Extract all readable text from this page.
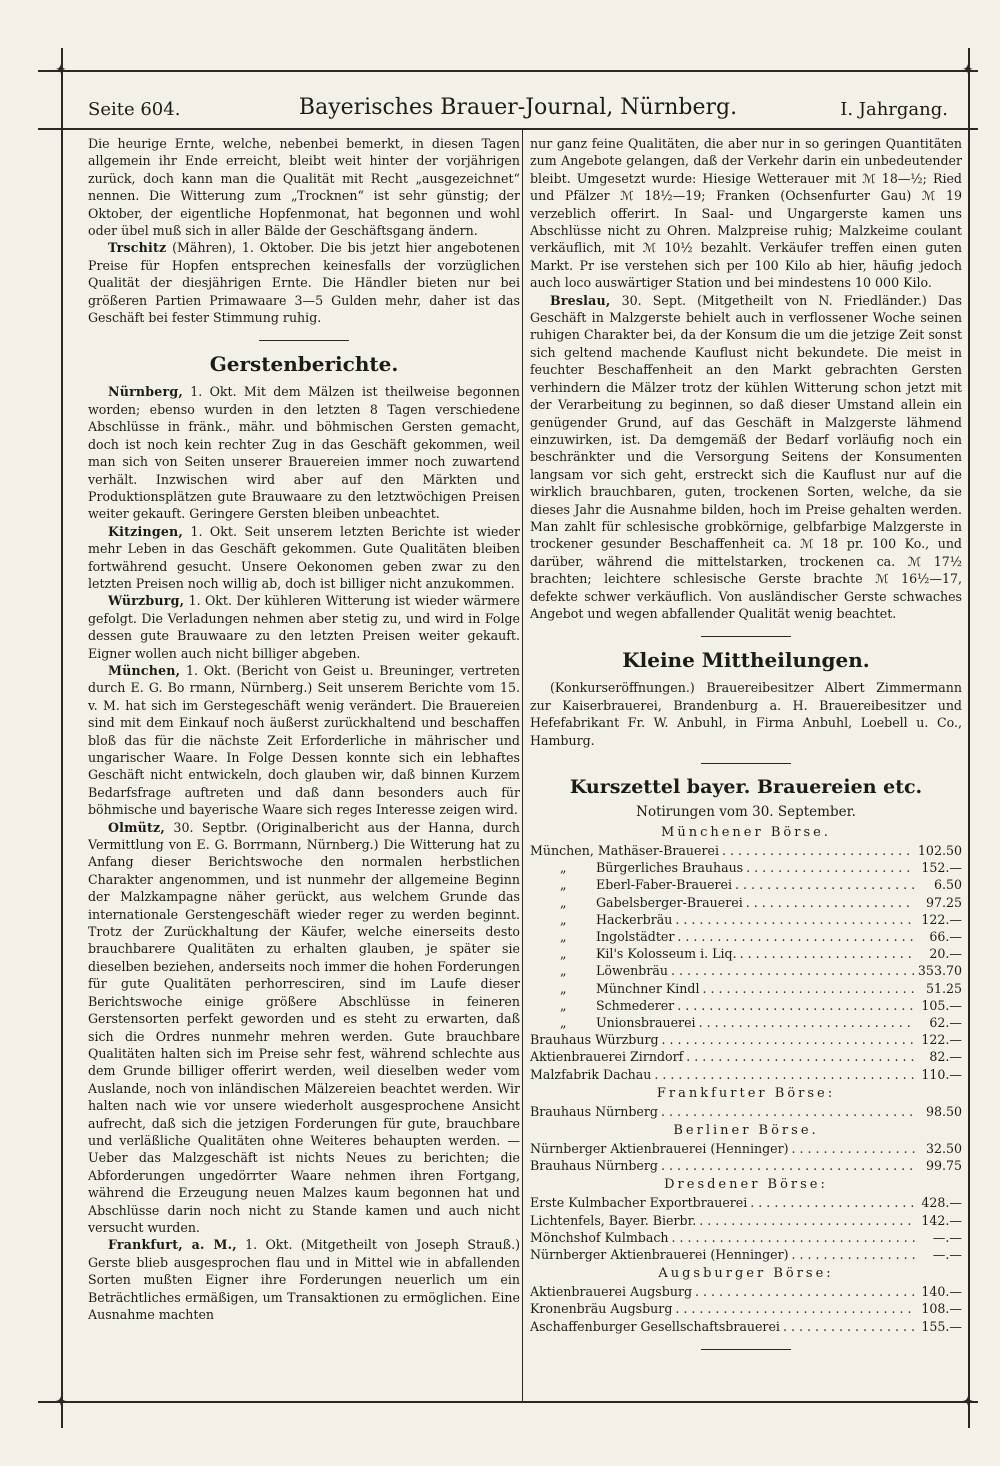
✦	✦
✦	✦
Seite 604.	Bayerisches Brauer-Journal, Nürnberg.	I. Jahrgang.

Die heurige Ernte, welche, nebenbei bemerkt, in diesen Tagen allgemein ihr Ende erreicht, bleibt weit hinter der vorjährigen zurück, doch kann man die Qualität mit Recht „ausgezeichnet“ nennen. Die Witterung zum „Trocknen“ ist sehr günstig; der Oktober, der eigentliche Hopfenmonat, hat begonnen und wohl oder übel muß sich in aller Bälde der Geschäftsgang ändern.

Trschitz (Mähren), 1. Oktober. Die bis jetzt hier angebotenen Preise für Hopfen entsprechen keinesfalls der vorzüglichen Qualität der diesjährigen Ernte. Die Händler bieten nur bei größeren Partien Primawaare 3—5 Gulden mehr, daher ist das Geschäft bei fester Stimmung ruhig.

Gerstenberichte.

Nürnberg, 1. Okt. Mit dem Mälzen ist theilweise begonnen worden; ebenso wurden in den letzten 8 Tagen verschiedene Abschlüsse in fränk., mähr. und böhmischen Gersten gemacht, doch ist noch kein rechter Zug in das Geschäft gekommen, weil man sich von Seiten unserer Brauereien immer noch zuwartend verhält. Inzwischen wird aber auf den Märkten und Produktionsplätzen gute Brauwaare zu den letztwöchigen Preisen weiter gekauft. Geringere Gersten bleiben unbeachtet.

Kitzingen, 1. Okt. Seit unserem letzten Berichte ist wieder mehr Leben in das Geschäft gekommen. Gute Qualitäten bleiben fortwährend gesucht. Unsere Oekonomen geben zwar zu den letzten Preisen noch willig ab, doch ist billiger nicht anzukommen.

Würzburg, 1. Okt. Der kühleren Witterung ist wieder wärmere gefolgt. Die Verladungen nehmen aber stetig zu, und wird in Folge dessen gute Brauwaare zu den letzten Preisen weiter gekauft. Eigner wollen auch nicht billiger abgeben.

München, 1. Okt. (Bericht von Geist u. Breuninger, vertreten durch E. G. Bo rmann, Nürnberg.) Seit unserem Berichte vom 15. v. M. hat sich im Gerstegeschäft wenig verändert. Die Brauereien sind mit dem Einkauf noch äußerst zurückhaltend und beschaffen bloß das für die nächste Zeit Erforderliche in mährischer und ungarischer Waare. In Folge Dessen konnte sich ein lebhaftes Geschäft nicht entwickeln, doch glauben wir, daß binnen Kurzem Bedarfsfrage auftreten und daß dann besonders auch für böhmische und bayerische Waare sich reges Interesse zeigen wird.

Olmütz, 30. Septbr. (Originalbericht aus der Hanna, durch Vermittlung von E. G. Borrmann, Nürnberg.) Die Witterung hat zu Anfang dieser Berichtswoche den normalen herbstlichen Charakter angenommen, und ist nunmehr der allgemeine Beginn der Malzkampagne näher gerückt, aus welchem Grunde das internationale Gerstengeschäft wieder reger zu werden beginnt. Trotz der Zurückhaltung der Käufer, welche einerseits desto brauchbarere Qualitäten zu erhalten glauben, je später sie dieselben beziehen, anderseits noch immer die hohen Forderungen für gute Qualitäten perhorresciren, sind im Laufe dieser Berichtswoche einige größere Abschlüsse in feineren Gerstensorten perfekt geworden und es steht zu erwarten, daß sich die Ordres nunmehr mehren werden. Gute brauchbare Qualitäten halten sich im Preise sehr fest, während schlechte aus dem Grunde billiger offerirt werden, weil dieselben weder vom Auslande, noch von inländischen Mälzereien beachtet werden. Wir halten nach wie vor unsere wiederholt ausgesprochene Ansicht aufrecht, daß sich die jetzigen Forderungen für gute, brauchbare und verläßliche Qualitäten ohne Weiteres behaupten werden. — Ueber das Malzgeschäft ist nichts Neues zu berichten; die Abforderungen ungedörrter Waare nehmen ihren Fortgang, während die Erzeugung neuen Malzes kaum begonnen hat und Abschlüsse darin noch nicht zu Stande kamen und auch nicht versucht wurden.

Frankfurt, a. M., 1. Okt. (Mitgetheilt von Joseph Strauß.) Gerste blieb ausgesprochen flau und in Mittel wie in abfallenden Sorten mußten Eigner ihre Forderungen neuerlich um ein Beträchtliches ermäßigen, um Transaktionen zu ermöglichen. Eine Ausnahme machten

nur ganz feine Qualitäten, die aber nur in so geringen Quantitäten zum Angebote gelangen, daß der Verkehr darin ein unbedeutender bleibt. Umgesetzt wurde: Hiesige Wetterauer mit ℳ 18—½; Ried und Pfälzer ℳ 18½—19; Franken (Ochsenfurter Gau) ℳ 19 verzeblich offerirt. In Saal- und Ungargerste kamen uns Abschlüsse nicht zu Ohren. Malzpreise ruhig; Malzkeime coulant verkäuflich, mit ℳ 10½ bezahlt. Verkäufer treffen einen guten Markt. Pr ise verstehen sich per 100 Kilo ab hier, häufig jedoch auch loco auswärtiger Station und bei mindestens 10 000 Kilo.

Breslau, 30. Sept. (Mitgetheilt von N. Friedländer.) Das Geschäft in Malzgerste behielt auch in verflossener Woche seinen ruhigen Charakter bei, da der Konsum die um die jetzige Zeit sonst sich geltend machende Kauflust nicht bekundete. Die meist in feuchter Beschaffenheit an den Markt gebrachten Gersten verhindern die Mälzer trotz der kühlen Witterung schon jetzt mit der Verarbeitung zu beginnen, so daß dieser Umstand allein ein genügender Grund, auf das Geschäft in Malzgerste lähmend einzuwirken, ist. Da demgemäß der Bedarf vorläufig noch ein beschränkter und die Versorgung Seitens der Konsumenten langsam vor sich geht, erstreckt sich die Kauflust nur auf die wirklich brauchbaren, guten, trockenen Sorten, welche, da sie dieses Jahr die Ausnahme bilden, hoch im Preise gehalten werden. Man zahlt für schlesische grobkörnige, gelbfarbige Malzgerste in trockener gesunder Beschaffenheit ca. ℳ 18 pr. 100 Ko., und darüber, während die mittelstarken, trockenen ca. ℳ 17½ brachten; leichtere schlesische Gerste brachte ℳ 16½—17, defekte schwer verkäuflich. Von ausländischer Gerste schwaches Angebot und wegen abfallender Qualität wenig beachtet.

Kleine Mittheilungen.

(Konkurseröffnungen.) Brauereibesitzer Albert Zimmermann zur Kaiserbrauerei, Brandenburg a. H. Brauereibesitzer und Hefefabrikant Fr. W. Anbuhl, in Firma Anbuhl, Loebell u. Co., Hamburg.

Kurszettel bayer. Brauereien etc.
Notirungen vom 30. September.
Münchener Börse.
München, Mathäser-Brauerei . . .	102.50
„ Bürgerliches Brauhaus . . .	152.—
„ Eberl-Faber-Brauerei . . .	6.50
„ Gabelsberger-Brauerei . . .	97.25
„ Hackerbräu . . .	122.—
„ Ingolstädter . . .	66.—
„ Kil's Kolosseum i. Liq. . . .	20.—
„ Löwenbräu . . .	353.70
„ Münchner Kindl . . .	51.25
„ Schmederer . . .	105.—
„ Unionsbrauerei . . .	62.—
Brauhaus Würzburg . . .	122.—
Aktienbrauerei Zirndorf . . .	82.—
Malzfabrik Dachau . . .	110.—
Frankfurter Börse:
Brauhaus Nürnberg . . .	98.50
Berliner Börse.
Nürnberger Aktienbrauerei (Henninger) . . .	32.50
Brauhaus Nürnberg . . .	99.75
Dresdener Börse:
Erste Kulmbacher Exportbrauerei . . .	428.—
Lichtenfels, Bayer. Bierbr. . . .	142.—
Mönchshof Kulmbach . . .	—.—
Nürnberger Aktienbrauerei (Henninger) . . .	—.—
Augsburger Börse:
Aktienbrauerei Augsburg . . .	140.—
Kronenbräu Augsburg . . .	108.—
Aschaffenburger Gesellschaftsbrauerei . . .	155.—
